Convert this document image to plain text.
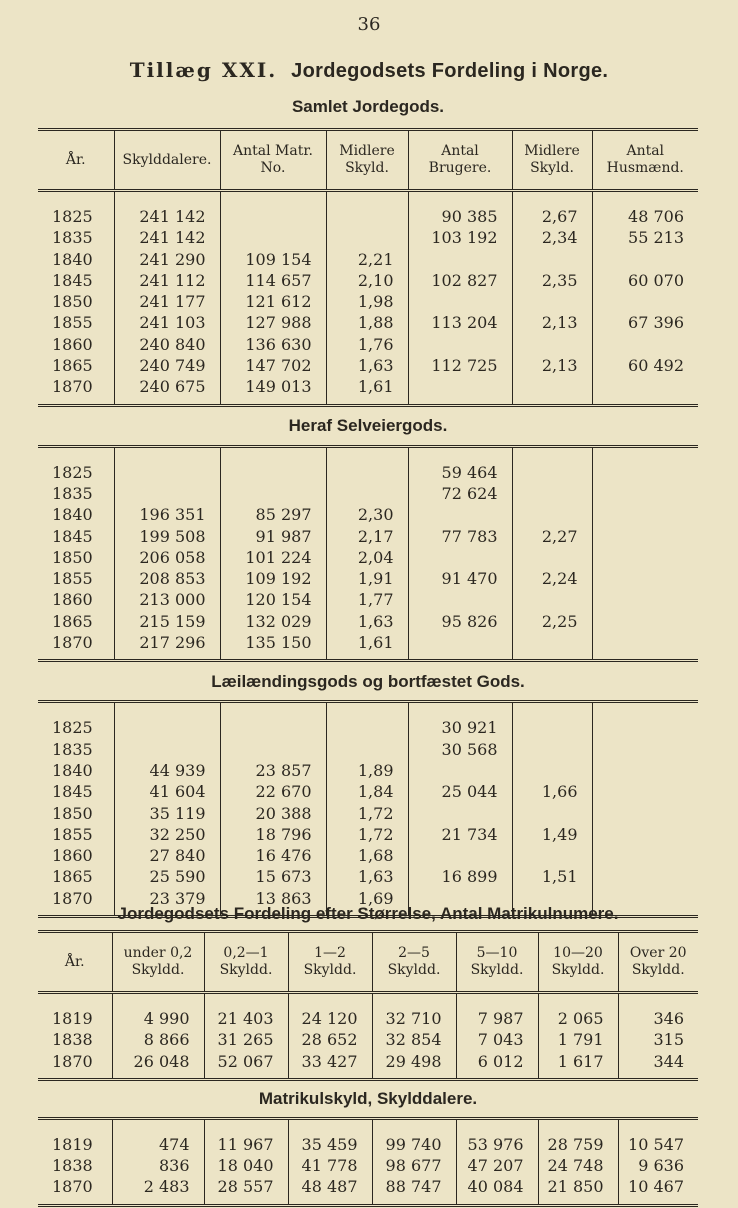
36
Tillæg XXI. Jordegodsets Fordeling i Norge.
Samlet Jordegods.
År.	Skylddalere.	Antal Matr. No.	Midlere Skyld.	Antal Brugere.	Midlere Skyld.	Antal Husmænd.

1825	241 142			90 385	2,67	48 706
1835	241 142			103 192	2,34	55 213
1840	241 290	109 154	2,21			
1845	241 112	114 657	2,10	102 827	2,35	60 070
1850	241 177	121 612	1,98			
1855	241 103	127 988	1,88	113 204	2,13	67 396
1860	240 840	136 630	1,76			
1865	240 749	147 702	1,63	112 725	2,13	60 492
1870	240 675	149 013	1,61			

Heraf Selveiergods.						

1825				59 464		
1835				72 624		
1840	196 351	85 297	2,30			
1845	199 508	91 987	2,17	77 783	2,27	
1850	206 058	101 224	2,04			
1855	208 853	109 192	1,91	91 470	2,24	
1860	213 000	120 154	1,77			
1865	215 159	132 029	1,63	95 826	2,25	
1870	217 296	135 150	1,61			

Læilændingsgods og bortfæstet Gods.						

1825				30 921		
1835				30 568		
1840	44 939	23 857	1,89			
1845	41 604	22 670	1,84	25 044	1,66	
1850	35 119	20 388	1,72			
1855	32 250	18 796	1,72	21 734	1,49	
1860	27 840	16 476	1,68			
1865	25 590	15 673	1,63	16 899	1,51	
1870	23 379	13 863	1,69			

Jordegodsets Fordeling efter Størrelse, Antal Matrikulnumere.
År.	under 0,2 Skyldd.	0,2—1 Skyldd.	1—2 Skyldd.	2—5 Skyldd.	5—10 Skyldd.	10—20 Skyldd.	Over 20 Skyldd.

1819	4 990	21 403	24 120	32 710	7 987	2 065	346
1838	8 866	31 265	28 652	32 854	7 043	1 791	315
1870	26 048	52 067	33 427	29 498	6 012	1 617	344

Matrikulskyld, Skylddalere.							

1819	474	11 967	35 459	99 740	53 976	28 759	10 547
1838	836	18 040	41 778	98 677	47 207	24 748	9 636
1870	2 483	28 557	48 487	88 747	40 084	21 850	10 467
